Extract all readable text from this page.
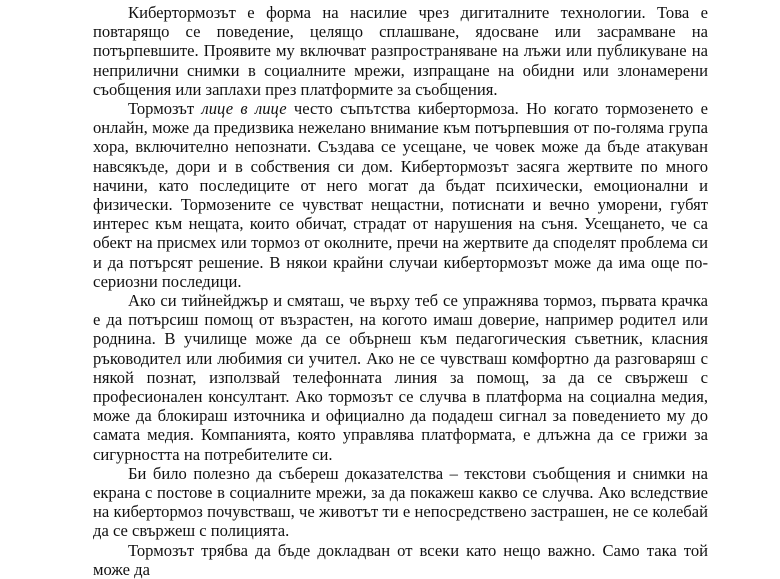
Кибертормозът е форма на насилие чрез дигиталните технологии. Това е повтарящо се поведение, целящо сплашване, ядосване или засрамване на потърпевшите. Проявите му включват разпространяване на лъжи или публикуване на неприлични снимки в социалните мрежи, изпращане на обидни или злонамерени съобщения или заплахи през платформите за съобщения.

Тормозът лице в лице често съпътства кибертормоза. Но когато тормозенето е онлайн, може да предизвика нежелано внимание към потърпевшия от по-голяма група хора, включително непознати. Създава се усещане, че човек може да бъде атакуван навсякъде, дори и в собствения си дом. Кибертормозът засяга жертвите по много начини, като последиците от него могат да бъдат психически, емоционални и физически. Тормозените се чувстват нещастни, потиснати и вечно уморени, губят интерес към нещата, които обичат, страдат от нарушения на съня. Усещането, че са обект на присмех или тормоз от околните, пречи на жертвите да споделят проблема си и да потърсят решение. В някои крайни случаи кибертормозът може да има още по-сериозни последици.

Ако си тийнейджър и смяташ, че върху теб се упражнява тормоз, първата крачка е да потърсиш помощ от възрастен, на когото имаш доверие, например родител или роднина. В училище може да се обърнеш към педагогическия съветник, класния ръководител или любимия си учител. Ако не се чувстваш комфортно да разговаряш с някой познат, използвай телефонната линия за помощ, за да се свържеш с професионален консултант. Ако тормозът се случва в платформа на социална медия, може да блокираш източника и официално да подадеш сигнал за поведението му до самата медия. Компанията, която управлява платформата, е длъжна да се грижи за сигурността на потребителите си.

Би било полезно да събереш доказателства – текстови съобщения и снимки на екрана с постове в социалните мрежи, за да покажеш какво се случва. Ако вследствие на кибертормоз почувстваш, че животът ти е непосредствено застрашен, не се колебай да се свържеш с полицията.

Тормозът трябва да бъде докладван от всеки като нещо важно. Само така той може да
